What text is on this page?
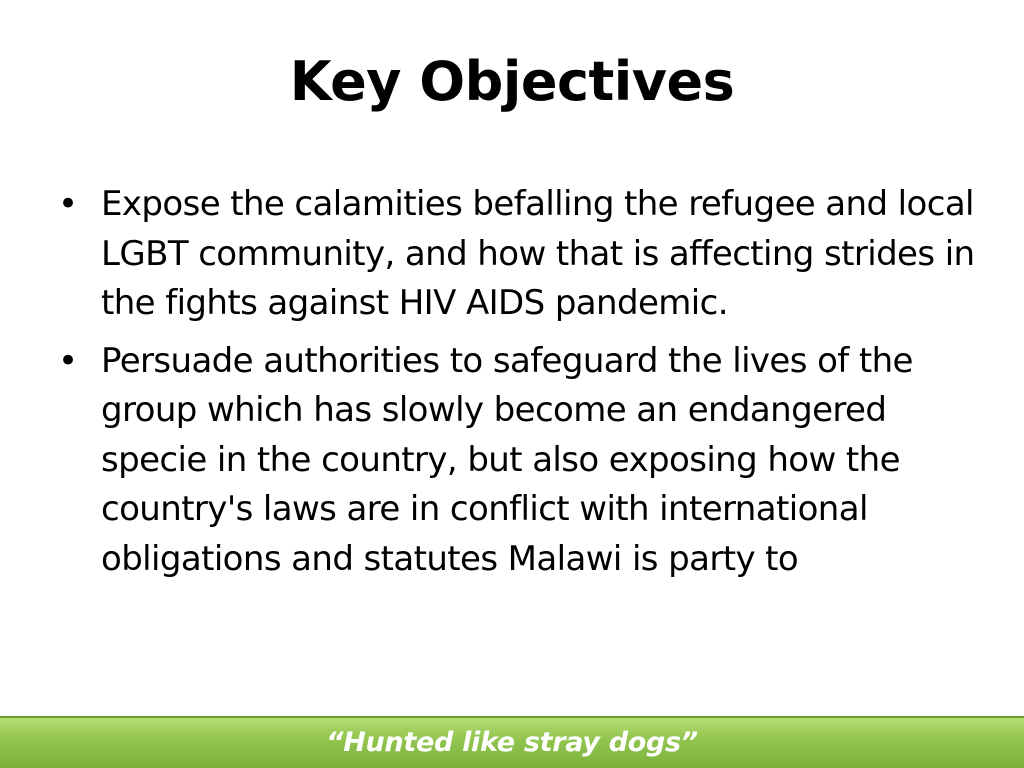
Key Objectives
• Expose the calamities befalling the refugee and local LGBT community, and how that is affecting strides in the fights against HIV AIDS pandemic.
• Persuade authorities to safeguard the lives of the group which has slowly become an endangered specie in the country, but also exposing how the country's laws are in conflict with international obligations and statutes Malawi is party to
“Hunted like stray dogs”
